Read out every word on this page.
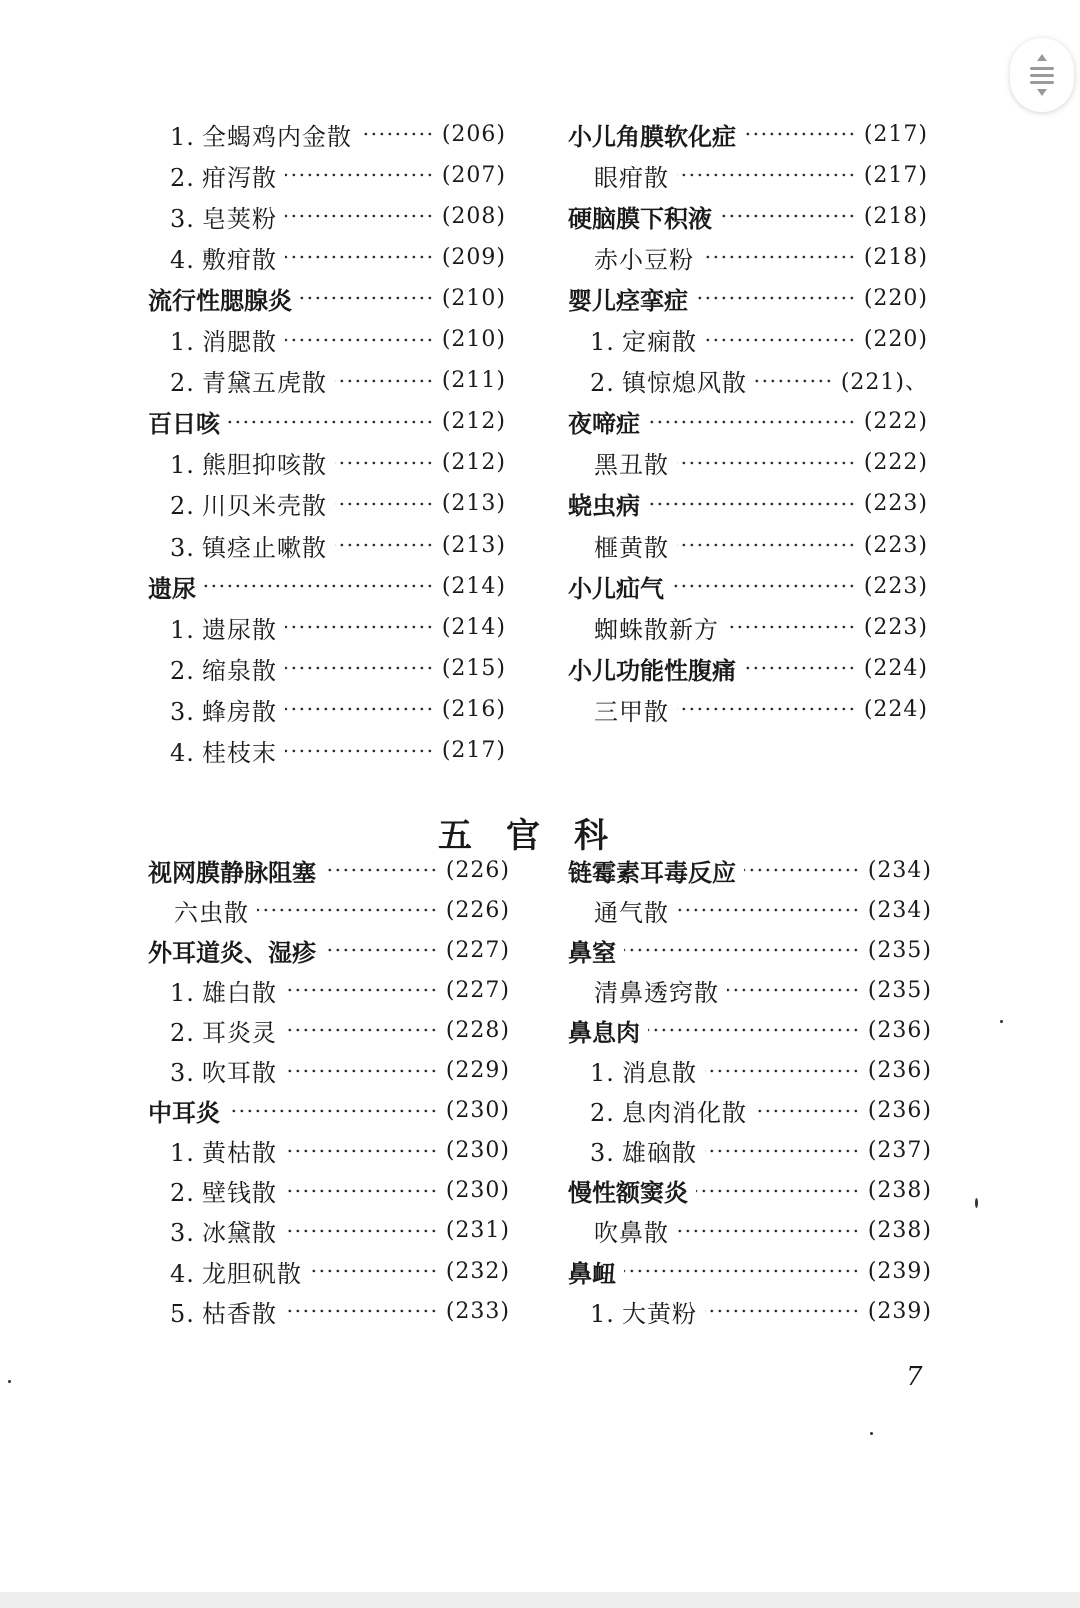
1. 全蝎鸡内金散	(206)
2. 疳泻散	(207)
3. 皂荚粉	(208)
4. 敷疳散	(209)
流行性腮腺炎	(210)
1. 消腮散	(210)
2. 青黛五虎散	(211)
百日咳	(212)
1. 熊胆抑咳散	(212)
2. 川贝米壳散	(213)
3. 镇痉止嗽散	(213)
遗尿	(214)
1. 遗尿散	(214)
2. 缩泉散	(215)
3. 蜂房散	(216)
4. 桂枝末	(217)
小儿角膜软化症	(217)
眼疳散	(217)
硬脑膜下积液	(218)
赤小豆粉	(218)
婴儿痉挛症	(220)
1. 定痫散	(220)
2. 镇惊熄风散	(221)、
夜啼症	(222)
黑丑散	(222)
蛲虫病	(223)
榧黄散	(223)
小儿疝气	(223)
蜘蛛散新方	(223)
小儿功能性腹痛	(224)
三甲散	(224)
五官科
视网膜静脉阻塞	(226)
六虫散	(226)
外耳道炎、湿疹	(227)
1. 雄白散	(227)
2. 耳炎灵	(228)
3. 吹耳散	(229)
中耳炎	(230)
1. 黄枯散	(230)
2. 壁钱散	(230)
3. 冰黛散	(231)
4. 龙胆矾散	(232)
5. 枯香散	(233)
链霉素耳毒反应	(234)
通气散	(234)
鼻窒	(235)
清鼻透窍散	(235)
鼻息肉	(236)
1. 消息散	(236)
2. 息肉消化散	(236)
3. 雄硇散	(237)
慢性额窦炎	(238)
吹鼻散	(238)
鼻衄	(239)
1. 大黄粉	(239)
7
